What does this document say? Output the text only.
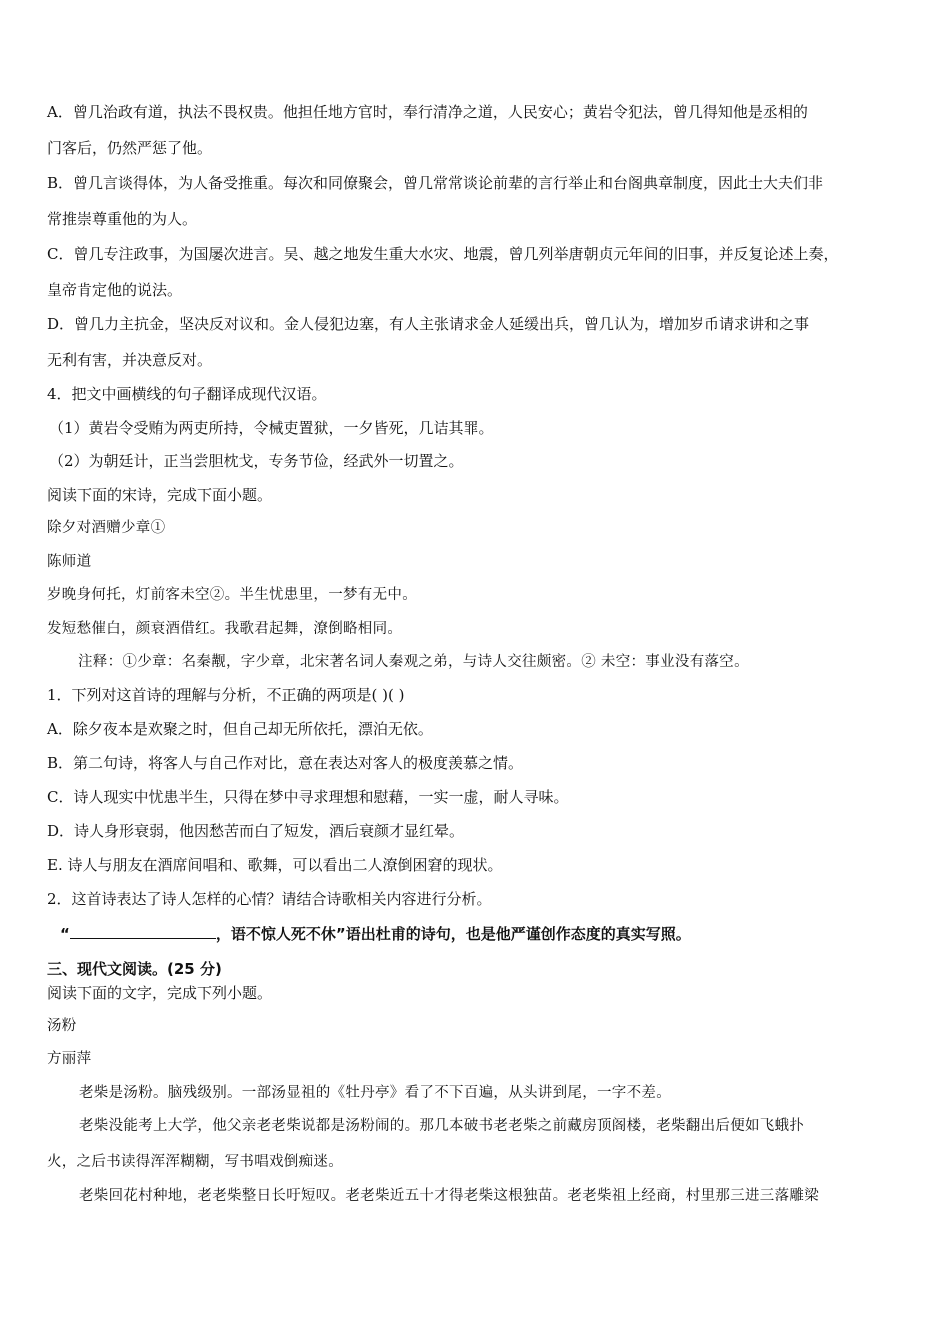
A．曾几治政有道，执法不畏权贵。他担任地方官时，奉行清净之道，人民安心；黄岩令犯法，曾几得知他是丞相的
门客后，仍然严惩了他。
B．曾几言谈得体，为人备受推重。每次和同僚聚会，曾几常常谈论前辈的言行举止和台阁典章制度，因此士大夫们非
常推崇尊重他的为人。
C．曾几专注政事，为国屡次进言。吴、越之地发生重大水灾、地震，曾几列举唐朝贞元年间的旧事，并反复论述上奏，
皇帝肯定他的说法。
D．曾几力主抗金，坚决反对议和。金人侵犯边塞，有人主张请求金人延缓出兵，曾几认为，增加岁币请求讲和之事
无利有害，并决意反对。
4．把文中画横线的句子翻译成现代汉语。
（1）黄岩令受贿为两吏所持，令械吏置狱，一夕皆死，几诘其罪。
（2）为朝廷计，正当尝胆枕戈，专务节俭，经武外一切置之。
阅读下面的宋诗，完成下面小题。
除夕对酒赠少章①
陈师道
岁晚身何托，灯前客未空②。半生忧患里，一梦有无中。
发短愁催白，颜衰酒借红。我歌君起舞，潦倒略相同。
注释：①少章：名秦觏，字少章，北宋著名词人秦观之弟，与诗人交往颇密。② 未空：事业没有落空。
1．下列对这首诗的理解与分析，不正确的两项是( )( )
A．除夕夜本是欢聚之时，但自己却无所依托，漂泊无依。
B．第二句诗，将客人与自己作对比，意在表达对客人的极度羡慕之情。
C．诗人现实中忧患半生，只得在梦中寻求理想和慰藉，一实一虚，耐人寻味。
D．诗人身形衰弱，他因愁苦而白了短发，酒后衰颜才显红晕。
E. 诗人与朋友在酒席间唱和、歌舞，可以看出二人潦倒困窘的现状。
2．这首诗表达了诗人怎样的心情？请结合诗歌相关内容进行分析。
“	，语不惊人死不休”语出杜甫的诗句，也是他严谨创作态度的真实写照。
三、现代文阅读。(25 分)
阅读下面的文字，完成下列小题。
汤粉
方丽萍
老柴是汤粉。脑残级别。一部汤显祖的《牡丹亭》看了不下百遍，从头讲到尾，一字不差。
老柴没能考上大学，他父亲老老柴说都是汤粉闹的。那几本破书老老柴之前藏房顶阁楼，老柴翻出后便如飞蛾扑
火，之后书读得浑浑糊糊，写书唱戏倒痴迷。
老柴回花村种地，老老柴整日长吁短叹。老老柴近五十才得老柴这根独苗。老老柴祖上经商，村里那三进三落雕梁
